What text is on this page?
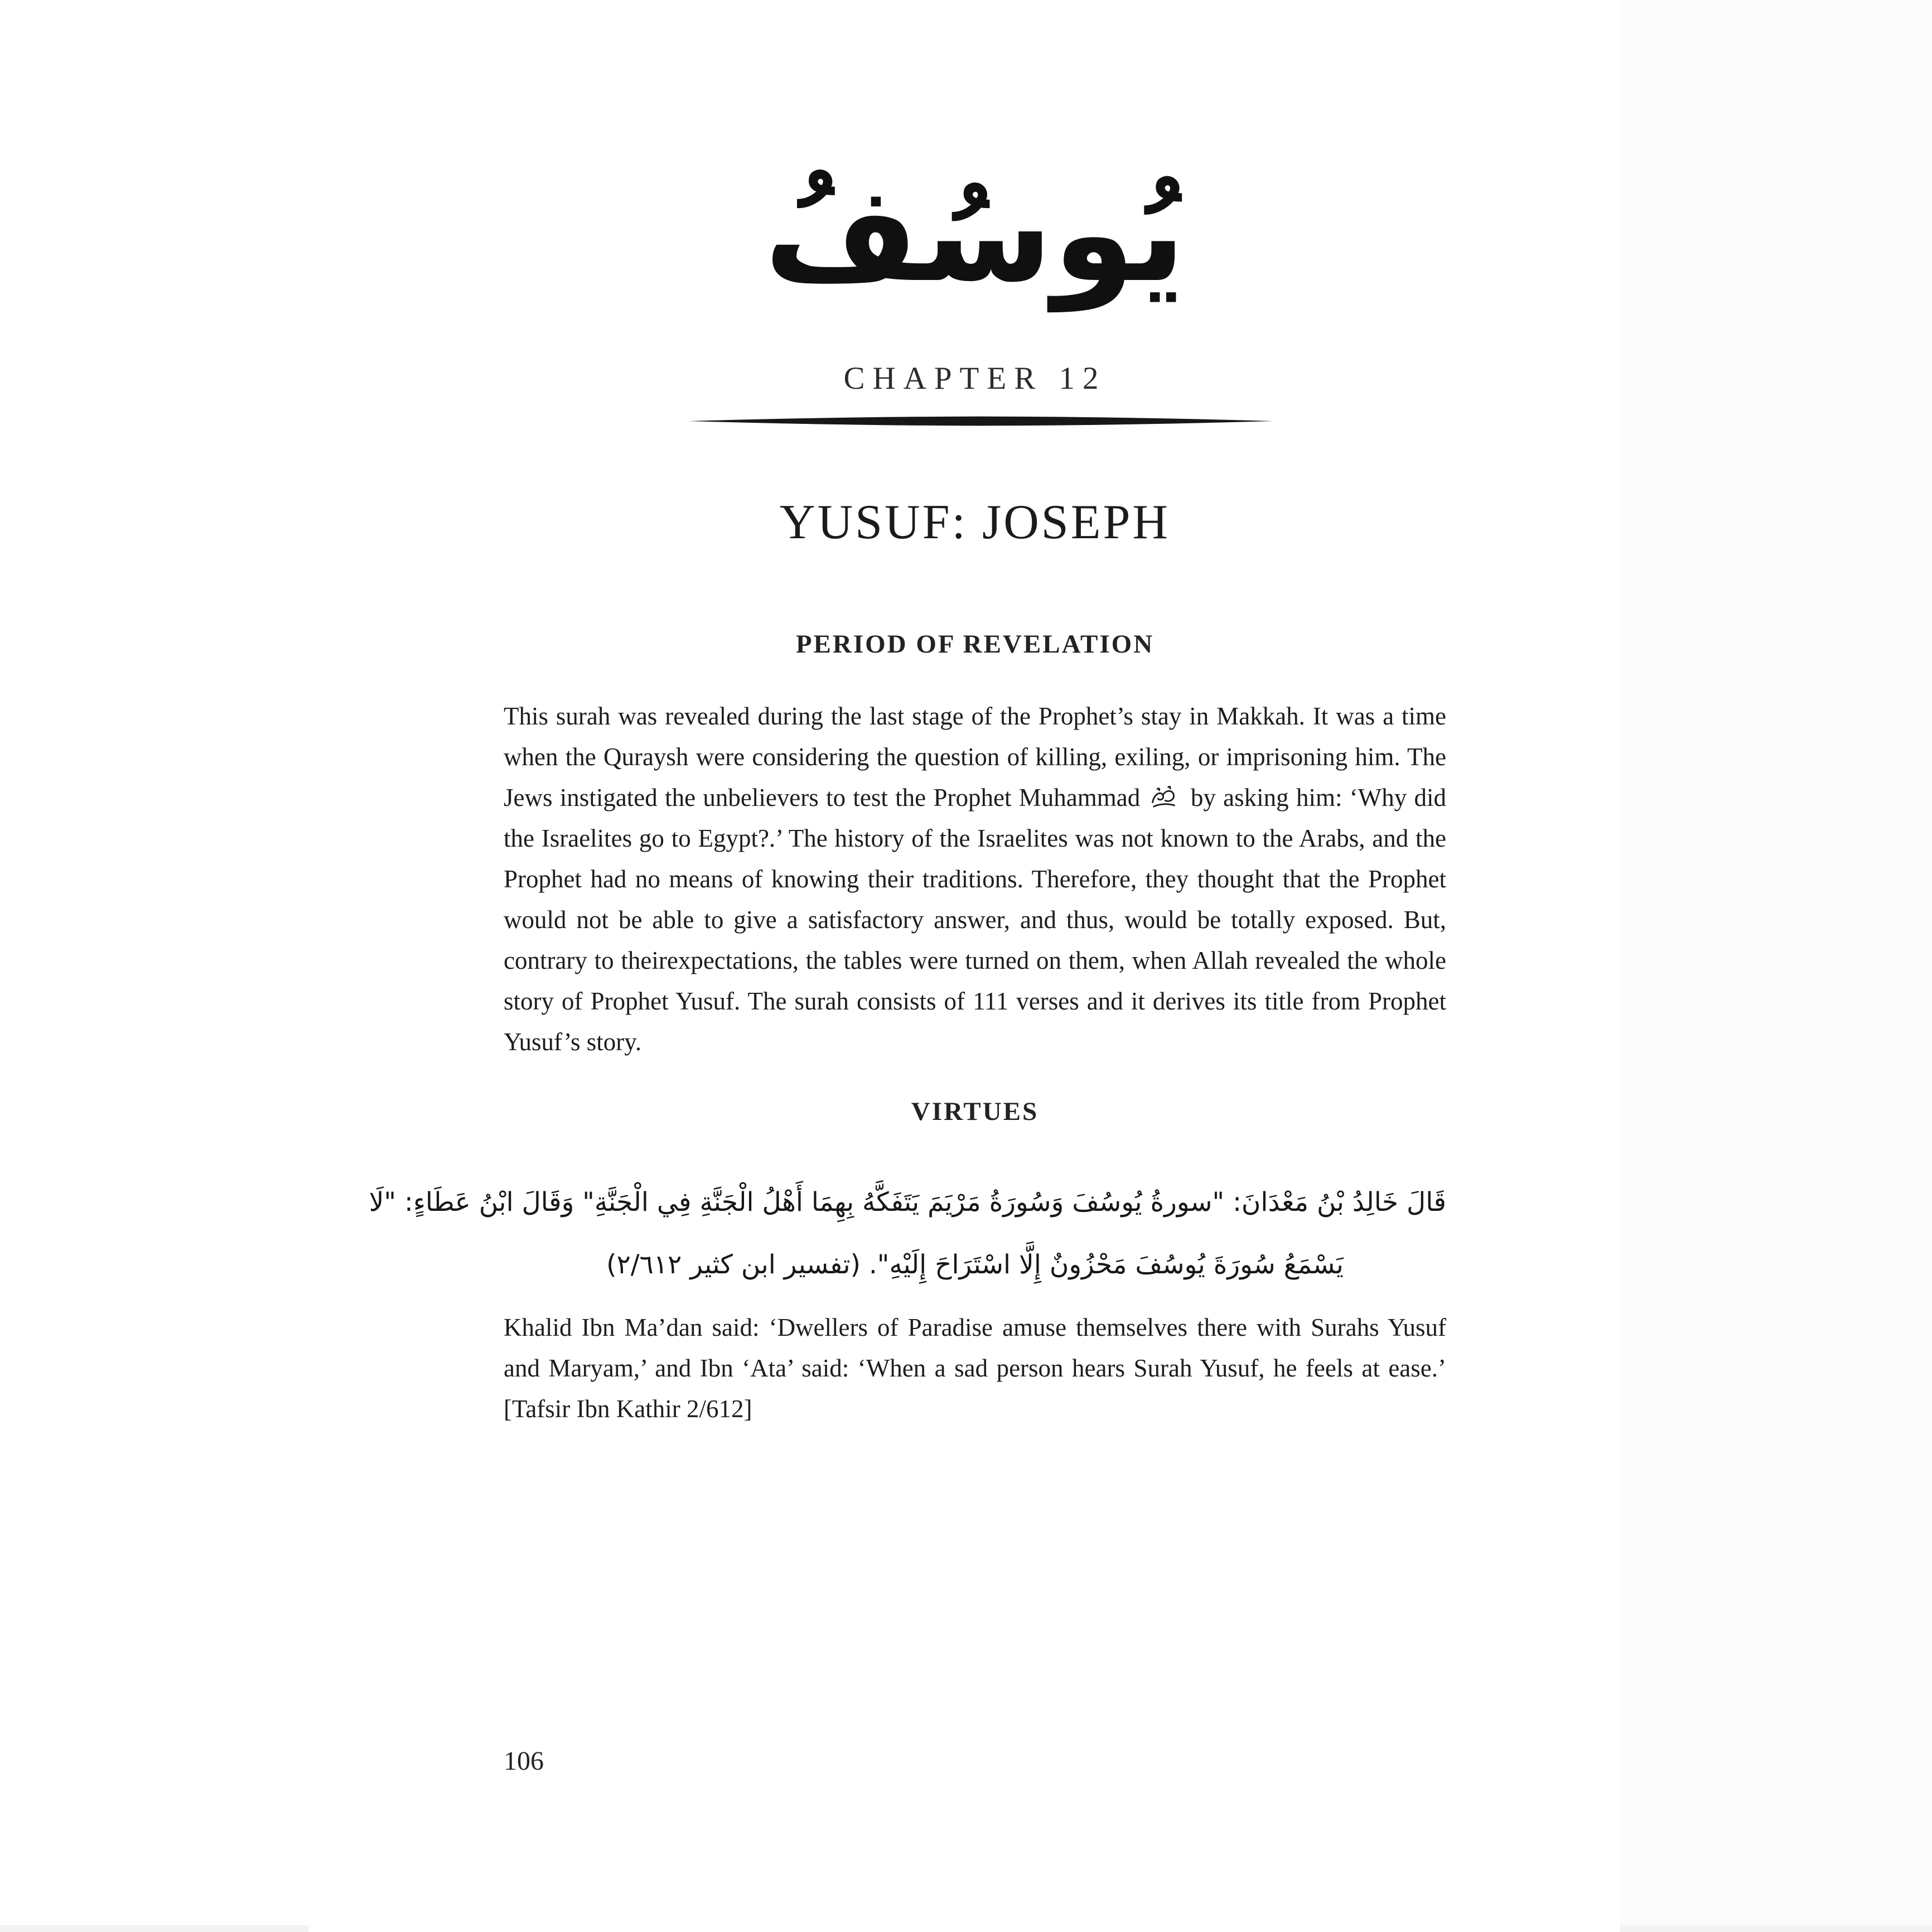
يُوسُفُ
CHAPTER 12
YUSUF: JOSEPH
PERIOD OF REVELATION

This surah was revealed during the last stage of the Prophet’s stay in Makkah. It was a time when the Quraysh were considering the question of killing, exiling, or imprisoning him. The Jews instigated the unbelievers to test the Prophet Muhammad by asking him: ‘Why did the Israelites go to Egypt?.’ The history of the Israelites was not known to the Arabs, and the Prophet had no means of knowing their traditions. Therefore, they thought that the Prophet would not be able to give a satisfactory answer, and thus, would be totally exposed. But, contrary to theirexpectations, the tables were turned on them, when Allah revealed the whole story of Prophet Yusuf. The surah consists of 111 verses and it derives its title from Prophet Yusuf’s story.

VIRTUES
قَالَ خَالِدُ بْنُ مَعْدَانَ: "سورةُ يُوسُفَ وَسُورَةُ مَرْيَمَ يَتَفَكَّهُ بِهِمَا أَهْلُ الْجَنَّةِ فِي الْجَنَّةِ" وَقَالَ ابْنُ عَطَاءٍ: "لَا
يَسْمَعُ سُورَةَ يُوسُفَ مَحْزُونٌ إِلَّا اسْتَرَاحَ إِلَيْهِ". (تفسير ابن كثير ٢/٦١٢)

Khalid Ibn Ma’dan said: ‘Dwellers of Paradise amuse themselves there with Surahs Yusuf and Maryam,’ and Ibn ‘Ata’ said: ‘When a sad person hears Surah Yusuf, he feels at ease.’ [Tafsir Ibn Kathir 2/612]

106
